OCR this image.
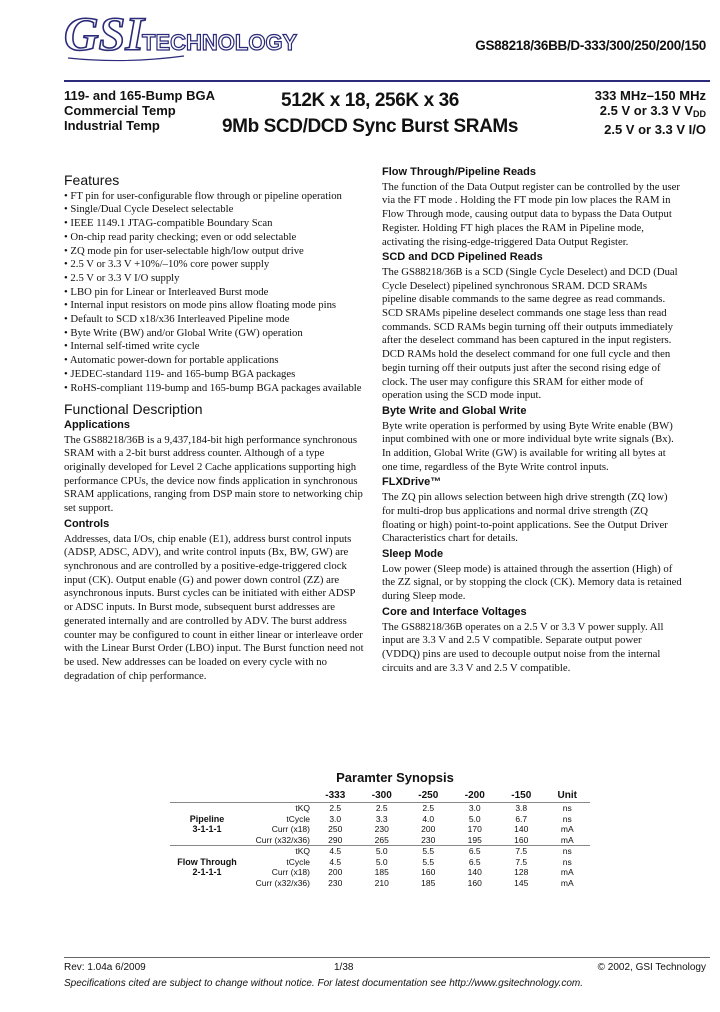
GSI
TECHNOLOGY	GS88218/36BB/D-333/300/250/200/150
119- and 165-Bump BGA
Commercial Temp
Industrial Temp
512K x 18, 256K x 36
9Mb SCD/DCD Sync Burst SRAMs
333 MHz–150 MHz
2.5 V or 3.3 V $V_{DD}$
2.5 V or 3.3 V I/O
Features
• FT pin for user-configurable flow through or pipeline operation
• Single/Dual Cycle Deselect selectable
• IEEE 1149.1 JTAG-compatible Boundary Scan
• On-chip read parity checking; even or odd selectable
• ZQ mode pin for user-selectable high/low output drive
• 2.5 V or 3.3 V +10%/–10% core power supply
• 2.5 V or 3.3 V I/O supply
• LBO pin for Linear or Interleaved Burst mode
• Internal input resistors on mode pins allow floating mode pins
• Default to SCD x18/x36 Interleaved Pipeline mode
• Byte Write (BW) and/or Global Write (GW) operation
• Internal self-timed write cycle
• Automatic power-down for portable applications
• JEDEC-standard 119- and 165-bump BGA packages
• RoHS-compliant 119-bump and 165-bump BGA packages available
Functional Description
Applications

The GS88218/36B is a 9,437,184-bit high performance synchronous SRAM with a 2-bit burst address counter. Although of a type originally developed for Level 2 Cache applications supporting high performance CPUs, the device now finds application in synchronous SRAM applications, ranging from DSP main store to networking chip set support.

Controls

Addresses, data I/Os, chip enable (E1), address burst control inputs (ADSP, ADSC, ADV), and write control inputs (Bx, BW, GW) are synchronous and are controlled by a positive-edge-triggered clock input (CK). Output enable (G) and power down control (ZZ) are asynchronous inputs. Burst cycles can be initiated with either ADSP or ADSC inputs. In Burst mode, subsequent burst addresses are generated internally and are controlled by ADV. The burst address counter may be configured to count in either linear or interleave order with the Linear Burst Order (LBO) input. The Burst function need not be used. New addresses can be loaded on every cycle with no degradation of chip performance.

Flow Through/Pipeline Reads

The function of the Data Output register can be controlled by the user via the FT mode . Holding the FT mode pin low places the RAM in Flow Through mode, causing output data to bypass the Data Output Register. Holding FT high places the RAM in Pipeline mode, activating the rising-edge-triggered Data Output Register.

SCD and DCD Pipelined Reads

The GS88218/36B is a SCD (Single Cycle Deselect) and DCD (Dual Cycle Deselect) pipelined synchronous SRAM. DCD SRAMs pipeline disable commands to the same degree as read commands. SCD SRAMs pipeline deselect commands one stage less than read commands. SCD RAMs begin turning off their outputs immediately after the deselect command has been captured in the input registers. DCD RAMs hold the deselect command for one full cycle and then begin turning off their outputs just after the second rising edge of clock. The user may configure this SRAM for either mode of operation using the SCD mode input.

Byte Write and Global Write

Byte write operation is performed by using Byte Write enable (BW) input combined with one or more individual byte write signals (Bx). In addition, Global Write (GW) is available for writing all bytes at one time, regardless of the Byte Write control inputs.

FLXDrive™

The ZQ pin allows selection between high drive strength (ZQ low) for multi-drop bus applications and normal drive strength (ZQ floating or high) point-to-point applications. See the Output Driver Characteristics chart for details.

Sleep Mode

Low power (Sleep mode) is attained through the assertion (High) of the ZZ signal, or by stopping the clock (CK). Memory data is retained during Sleep mode.

Core and Interface Voltages

The GS88218/36B operates on a 2.5 V or 3.3 V power supply. All input are 3.3 V and 2.5 V compatible. Separate output power (VDDQ) pins are used to decouple output noise from the internal circuits and are 3.3 V and 2.5 V compatible.

Paramter Synopsis
		-333	-300	-250	-200	-150	Unit
	tKQ	2.5	2.5	2.5	3.0	3.8	ns
Pipeline	tCycle	3.0	3.3	4.0	5.0	6.7	ns
3-1-1-1	Curr (x18)	250	230	200	170	140	mA
	Curr (x32/x36)	290	265	230	195	160	mA
	tKQ	4.5	5.0	5.5	6.5	7.5	ns
Flow Through	tCycle	4.5	5.0	5.5	6.5	7.5	ns
2-1-1-1	Curr (x18)	200	185	160	140	128	mA
	Curr (x32/x36)	230	210	185	160	145	mA
Rev: 1.04a 6/2009	1/38	© 2002, GSI Technology
Specifications cited are subject to change without notice. For latest documentation see http://www.gsitechnology.com.
